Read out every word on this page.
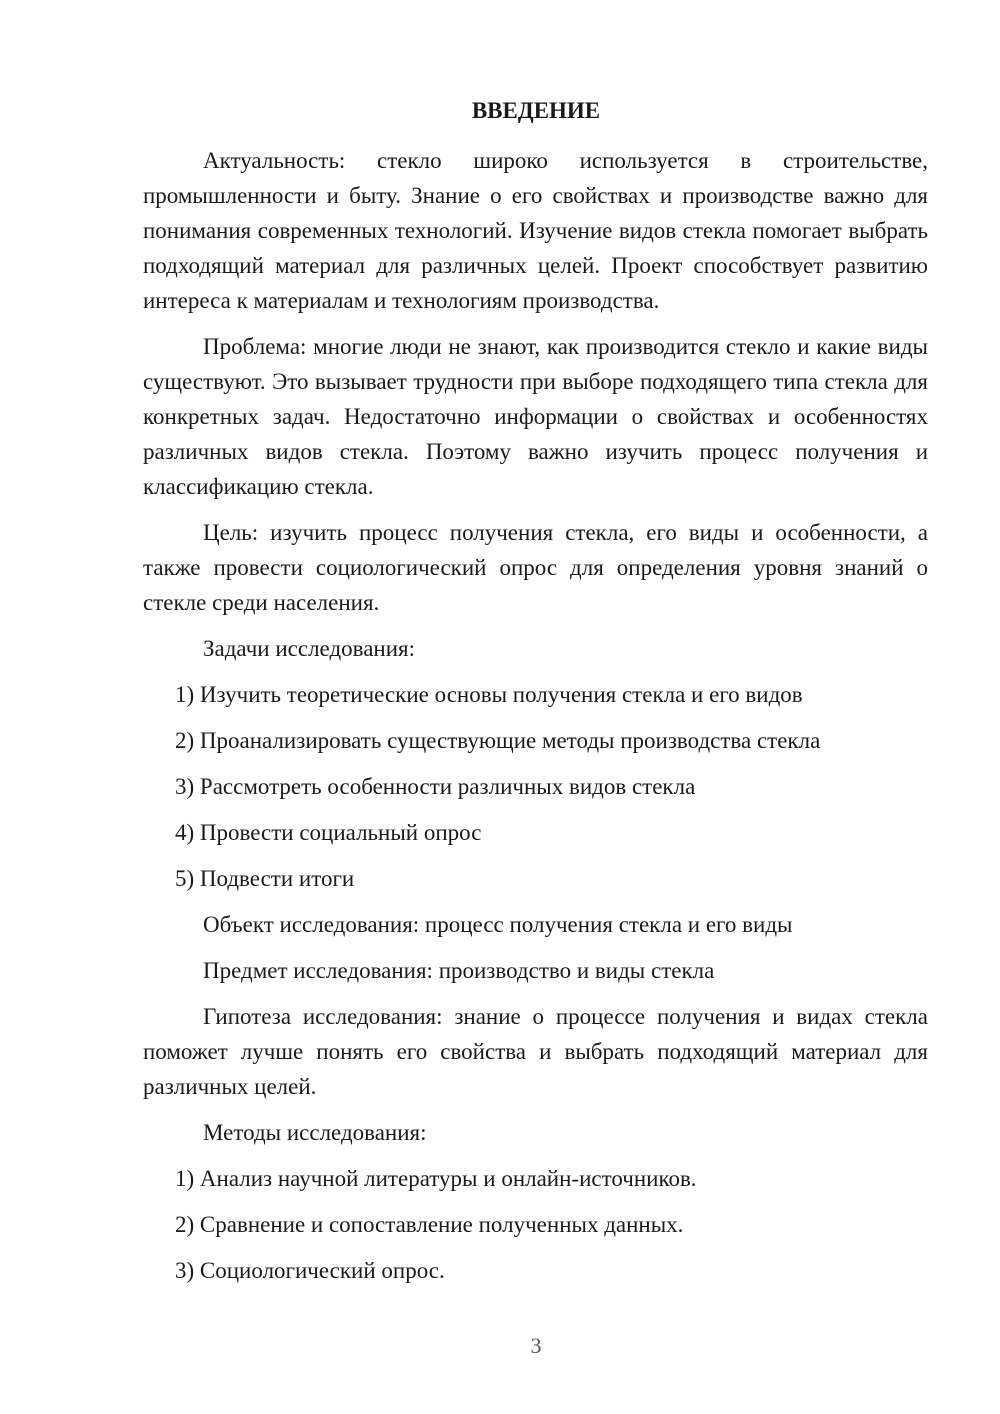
ВВЕДЕНИЕ

Актуальность: стекло широко используется в строительстве, промышленности и быту. Знание о его свойствах и производстве важно для понимания современных технологий. Изучение видов стекла помогает выбрать подходящий материал для различных целей. Проект способствует развитию интереса к материалам и технологиям производства.

Проблема: многие люди не знают, как производится стекло и какие виды существуют. Это вызывает трудности при выборе подходящего типа стекла для конкретных задач. Недостаточно информации о свойствах и особенностях различных видов стекла. Поэтому важно изучить процесс получения и классификацию стекла.

Цель: изучить процесс получения стекла, его виды и особенности, а также провести социологический опрос для определения уровня знаний о стекле среди населения.

Задачи исследования:

1) Изучить теоретические основы получения стекла и его видов

2) Проанализировать существующие методы производства стекла

3) Рассмотреть особенности различных видов стекла

4) Провести социальный опрос

5) Подвести итоги

Объект исследования: процесс получения стекла и его виды

Предмет исследования: производство и виды стекла

Гипотеза исследования: знание о процессе получения и видах стекла поможет лучше понять его свойства и выбрать подходящий материал для различных целей.

Методы исследования:

1) Анализ научной литературы и онлайн-источников.

2) Сравнение и сопоставление полученных данных.

3) Социологический опрос.

3
